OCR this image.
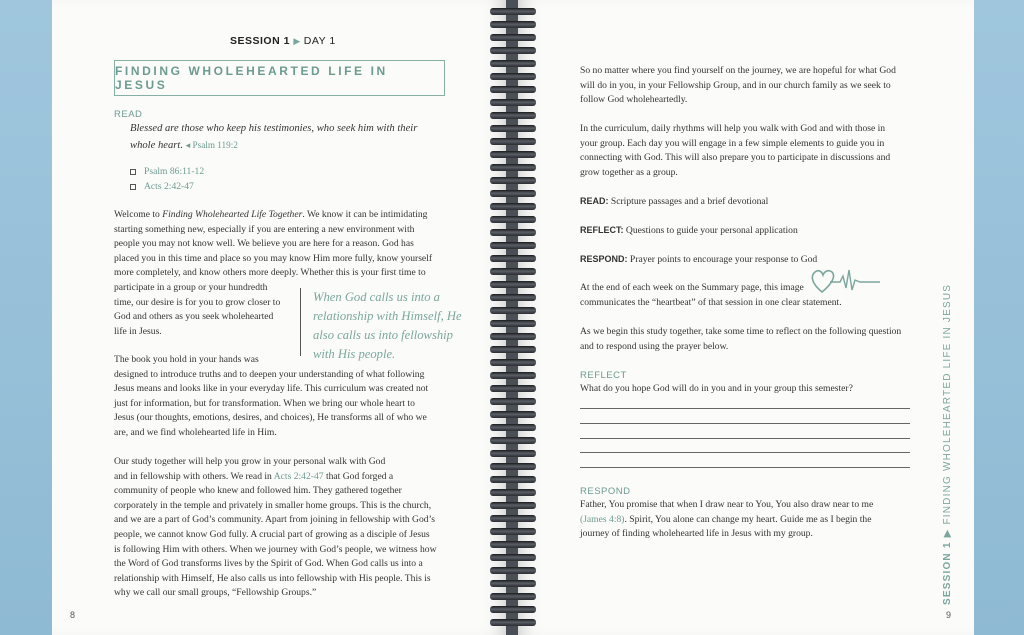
SESSION 1 ▶ DAY 1
FINDING WHOLEHEARTED LIFE IN JESUS
READ
Blessed are those who keep his testimonies, who seek him with their
whole heart. ◂ Psalm 119:2
Psalm 86:11-12
Acts 2:42-47
Welcome to Finding Wholehearted Life Together. We know it can be intimidating
starting something new, especially if you are entering a new environment with
people you may not know well. We believe you are here for a reason. God has
placed you in this time and place so you may know Him more fully, know yourself
more completely, and know others more deeply. Whether this is your first time to
participate in a group or your hundredth
time, our desire is for you to grow closer to
God and others as you seek wholehearted
life in Jesus.
When God calls us into a relationship with Himself, He also calls us into fellowship with His people.
The book you hold in your hands was
designed to introduce truths and to deepen your understanding of what following
Jesus means and looks like in your everyday life. This curriculum was created not
just for information, but for transformation. When we bring our whole heart to
Jesus (our thoughts, emotions, desires, and choices), He transforms all of who we
are, and we find wholehearted life in Him.
Our study together will help you grow in your personal walk with God
and in fellowship with others. We read in Acts 2:42-47 that God forged a
community of people who knew and followed him. They gathered together
corporately in the temple and privately in smaller home groups. This is the church,
and we are a part of God’s community. Apart from joining in fellowship with God’s
people, we cannot know God fully. A crucial part of growing as a disciple of Jesus
is following Him with others. When we journey with God’s people, we witness how
the Word of God transforms lives by the Spirit of God. When God calls us into a
relationship with Himself, He also calls us into fellowship with His people. This is
why we call our small groups, “Fellowship Groups.”
8
So no matter where you find yourself on the journey, we are hopeful for what God
will do in you, in your Fellowship Group, and in our church family as we seek to
follow God wholeheartedly.
In the curriculum, daily rhythms will help you walk with God and with those in
your group. Each day you will engage in a few simple elements to guide you in
connecting with God. This will also prepare you to participate in discussions and
grow together as a group.
READ: Scripture passages and a brief devotional
REFLECT: Questions to guide your personal application
RESPOND: Prayer points to encourage your response to God
At the end of each week on the Summary page, this image
communicates the “heartbeat” of that session in one clear statement.
As we begin this study together, take some time to reflect on the following question
and to respond using the prayer below.
REFLECT
What do you hope God will do in you and in your group this semester?
RESPOND
Father, You promise that when I draw near to You, You also draw near to me
(James 4:8). Spirit, You alone can change my heart. Guide me as I begin the
journey of finding wholehearted life in Jesus with my group.
SESSION 1 ▶ FINDING WHOLEHEARTED LIFE IN JESUS
9
